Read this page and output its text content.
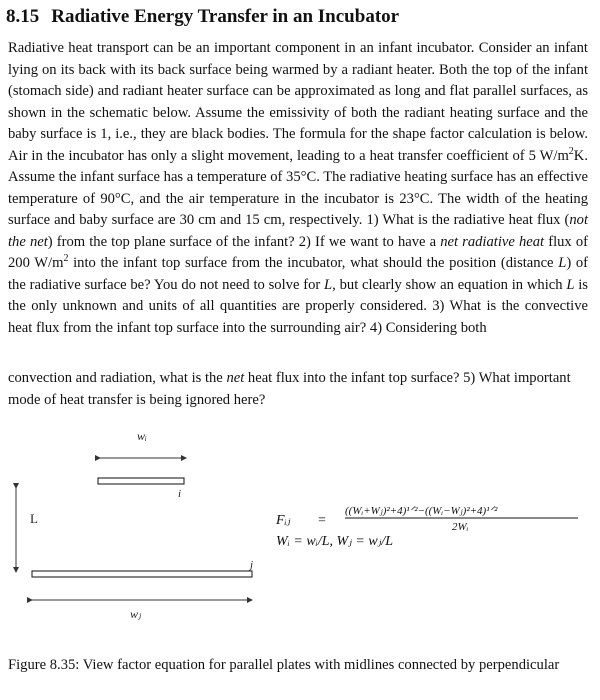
8.15 Radiative Energy Transfer in an Incubator
Radiative heat transport can be an important component in an infant incubator. Consider an infant lying on its back with its back surface being warmed by a radiant heater. Both the top of the infant (stomach side) and radiant heater surface can be approximated as long and flat parallel surfaces, as shown in the schematic below. Assume the emissivity of both the radiant heating surface and the baby surface is 1, i.e., they are black bodies. The formula for the shape factor calculation is below. Air in the incubator has only a slight movement, leading to a heat transfer coefficient of 5 $W/m^2K$. Assume the infant surface has a temperature of 35°C. The radiative heating surface has an effective temperature of 90°C, and the air temperature in the incubator is 23°C. The width of the heating surface and baby surface are 30 cm and 15 cm, respectively. 1) What is the radiative heat flux (not the net) from the top plane surface of the infant? 2) If we want to have a net radiative heat flux of 200 $W/m^2$ into the infant top surface from the incubator, what should the position (distance L) of the radiative surface be? You do not need to solve for L, but clearly show an equation in which L is the only unknown and units of all quantities are properly considered. 3) What is the convective heat flux from the infant top surface into the surrounding air? 4) Considering both
convection and radiation, what is the net heat flux into the infant top surface? 5) What important mode of heat transfer is being ignored here?
wᵢ
i
L
j
wⱼ
Fᵢⱼ =
((Wᵢ+Wⱼ)²+4)¹ᐟ²−((Wᵢ−Wⱼ)²+4)¹ᐟ²
2Wᵢ
Wᵢ = wᵢ/L, Wⱼ = wⱼ/L
Figure 8.35: View factor equation for parallel plates with midlines connected by perpendicular
